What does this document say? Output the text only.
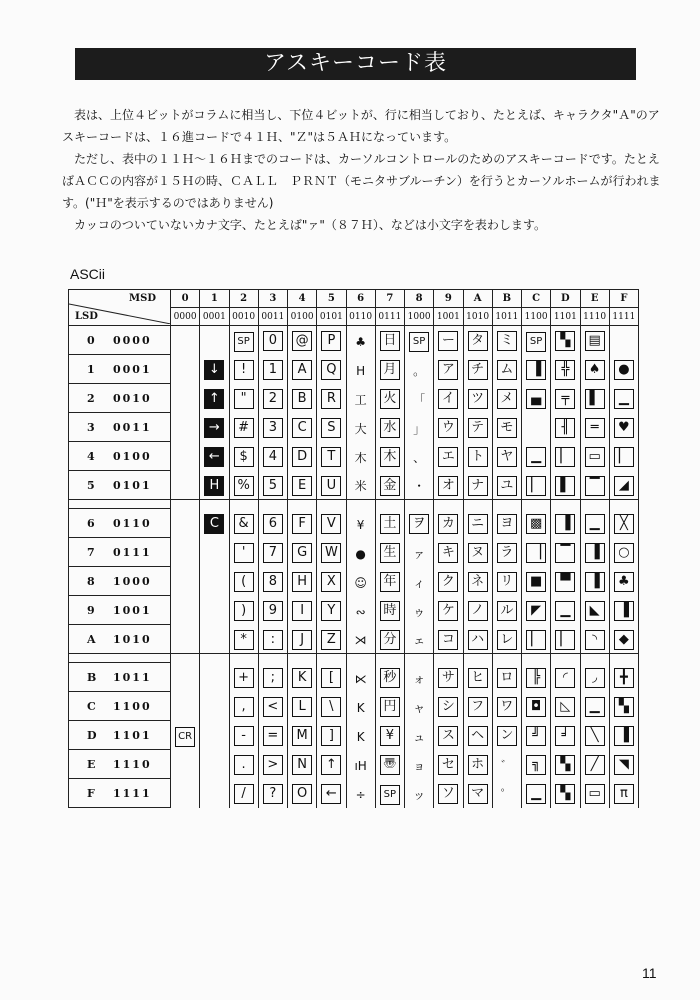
アスキーコード表

　表は、上位４ビットがコラムに相当し、下位４ビットが、行に相当しており、たとえば、キャラクタ"Ａ"のアスキーコードは、１６進コードで４１Ｈ、"Ｚ"は５ＡＨになっています。

　ただし、表中の１１Ｈ〜１６Ｈまでのコードは、カーソルコントロールのためのアスキーコードです。たとえばＡＣＣの内容が１５Ｈの時、ＣＡＬＬ　ＰＲＮＴ（モニタサブルーチン）を行うとカーソルホームが行われます。("Ｈ"を表示するのではありません)

　カッコのついていないカナ文字、たとえば"ァ"（８７Ｈ）、などは小文字を表わします。

ASCii
MSD
LSD	0	1	2	3	4	5	6	7	8	9	A	B	C	D	E	F
	0000	0001	0010	0011	0100	0101	0110	0111	1000	1001	1010	1011	1100	1101	1110	1111
0 0000			SP	0	@	P	♣	日	SP	ー	タ	ミ	SP	▚	▤	
1 0001		↓	!	1	A	Q	H	月	。	ア	チ	ム	▐	╬	♠	●
2 0010		↑	"	2	B	R	工	火	「	イ	ツ	メ	▄	╤	▌	▁
3 0011		→	#	3	C	S	大	水	」	ウ	テ	モ		╢	═	♥
4 0100		←	$	4	D	T	木	木	、	エ	ト	ヤ	▁	▏	▭	▏
5 0101		H	%	5	E	U	米	金	・	オ	ナ	ユ	▏	▌	▔	◢

6 0110		C	&	6	F	V	¥	土	ヲ	カ	ニ	ヨ	▩	▐	▁	╳
7 0111			'	7	G	W	●	生	ァ	キ	ヌ	ラ	▕	▔	▐	○
8 1000			(	8	H	X	☺	年	ィ	ク	ネ	リ	■	▀	▐	♣
9 1001			)	9	I	Y	∾	時	ゥ	ケ	ノ	ル	◤	▁	◣	▐
A 1010			*	:	J	Z	⋊	分	ェ	コ	ハ	レ	▏	▏	◝	◆

B 1011			+	;	K	[	⋉	秒	ォ	サ	ヒ	ロ	╠	◜	◞	╋
C 1100			,	<	L	\	K	円	ャ	シ	フ	ワ	◘	◺	▁	▚
D 1101	CR		-	=	M	]	K	¥	ュ	ス	ヘ	ン	╝	╛	╲	▐
E 1110			.	>	N	↑	ıH	〠	ョ	セ	ホ	゛	╗	▚	╱	◥
F 1111			/	?	O	←	÷	SP	ッ	ソ	マ	゜	▁	▚	▭	π
11
